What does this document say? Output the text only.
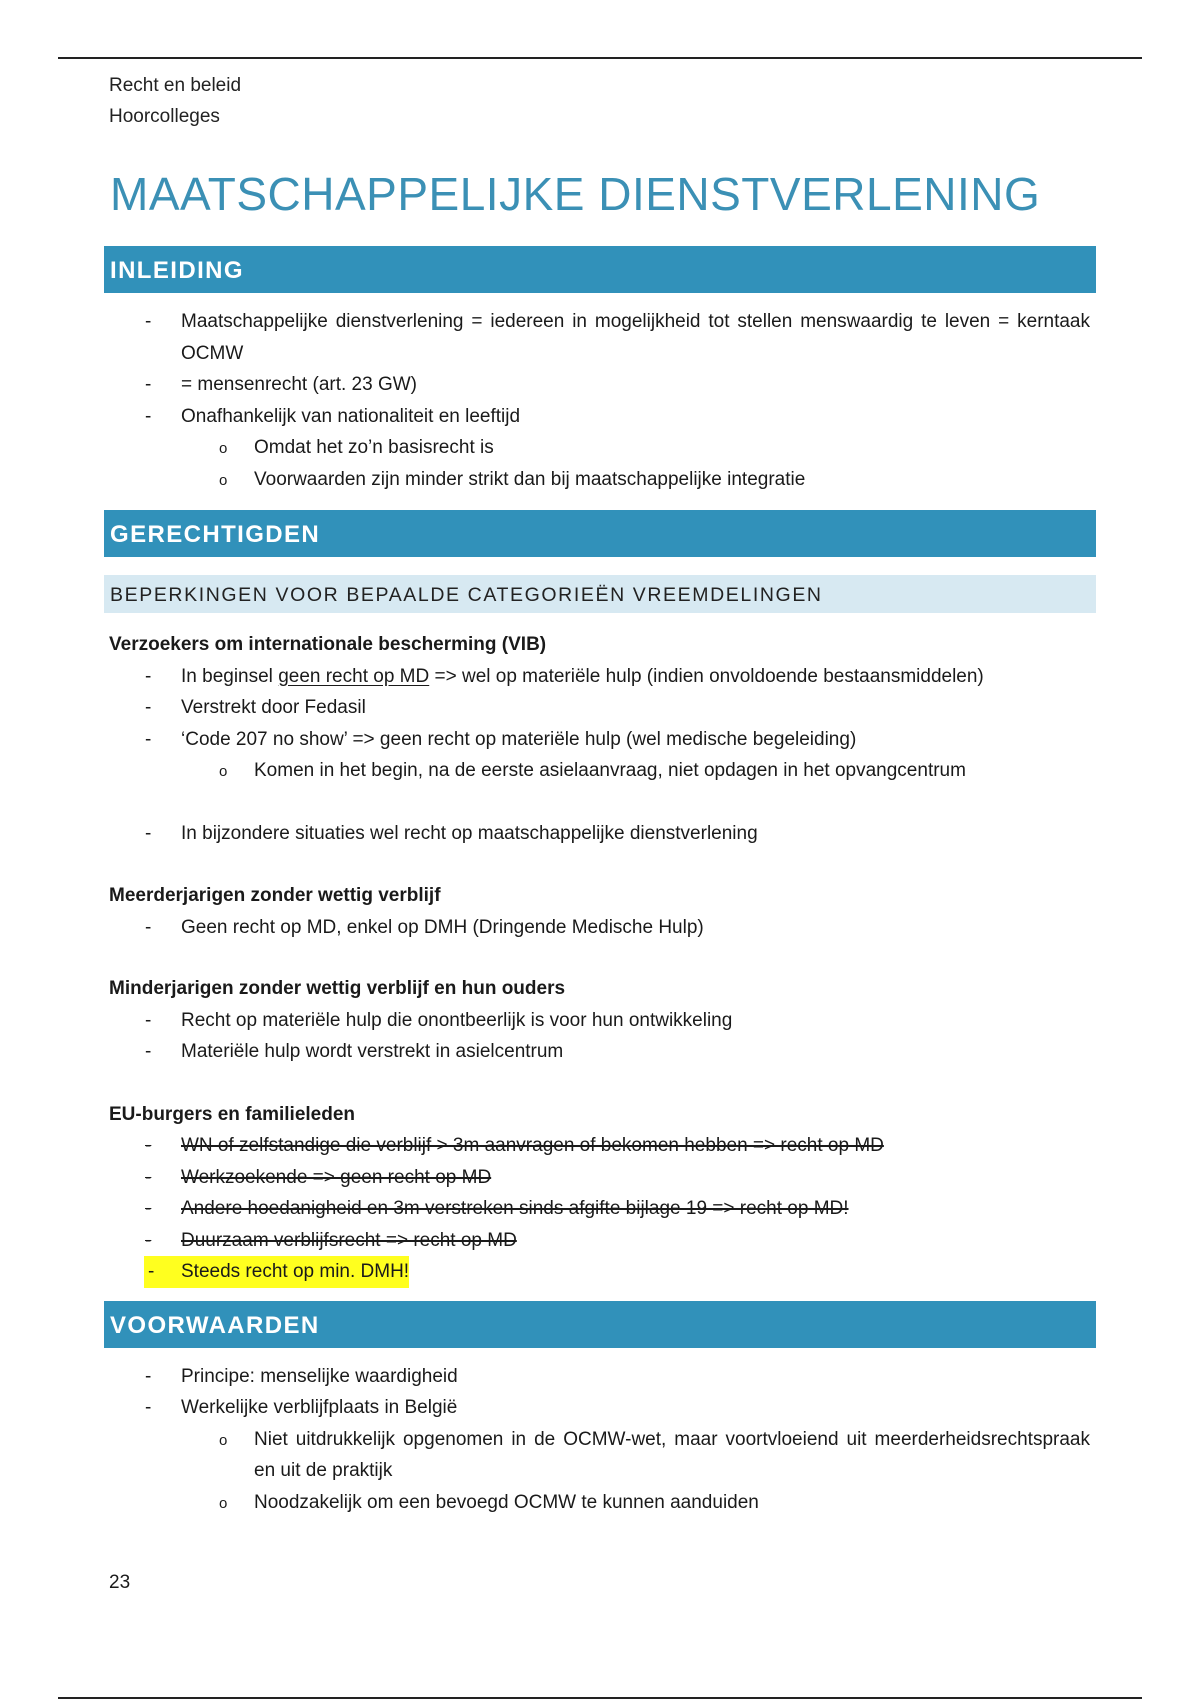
Recht en beleid
Hoorcolleges
MAATSCHAPPELIJKE DIENSTVERLENING
INLEIDING
- Maatschappelijke dienstverlening = iedereen in mogelijkheid tot stellen menswaardig te leven = kerntaak OCMW
- = mensenrecht (art. 23 GW)
- Onafhankelijk van nationaliteit en leeftijd
o Omdat het zo’n basisrecht is
o Voorwaarden zijn minder strikt dan bij maatschappelijke integratie
GERECHTIGDEN
BEPERKINGEN VOOR BEPAALDE CATEGORIEËN VREEMDELINGEN
Verzoekers om internationale bescherming (VIB)
- In beginsel geen recht op MD => wel op materiële hulp (indien onvoldoende bestaansmiddelen)
- Verstrekt door Fedasil
- ‘Code 207 no show’ => geen recht op materiële hulp (wel medische begeleiding)
o Komen in het begin, na de eerste asielaanvraag, niet opdagen in het opvangcentrum
- In bijzondere situaties wel recht op maatschappelijke dienstverlening
Meerderjarigen zonder wettig verblijf
- Geen recht op MD, enkel op DMH (Dringende Medische Hulp)
Minderjarigen zonder wettig verblijf en hun ouders
- Recht op materiële hulp die onontbeerlijk is voor hun ontwikkeling
- Materiële hulp wordt verstrekt in asielcentrum
EU-burgers en familieleden
- WN of zelfstandige die verblijf > 3m aanvragen of bekomen hebben => recht op MD
- Werkzoekende => geen recht op MD
- Andere hoedanigheid en 3m verstreken sinds afgifte bijlage 19 => recht op MD!
- Duurzaam verblijfsrecht => recht op MD
- Steeds recht op min. DMH!
VOORWAARDEN
- Principe: menselijke waardigheid
- Werkelijke verblijfplaats in België
o Niet uitdrukkelijk opgenomen in de OCMW-wet, maar voortvloeiend uit meerderheidsrechtspraak en uit de praktijk
o Noodzakelijk om een bevoegd OCMW te kunnen aanduiden
23
